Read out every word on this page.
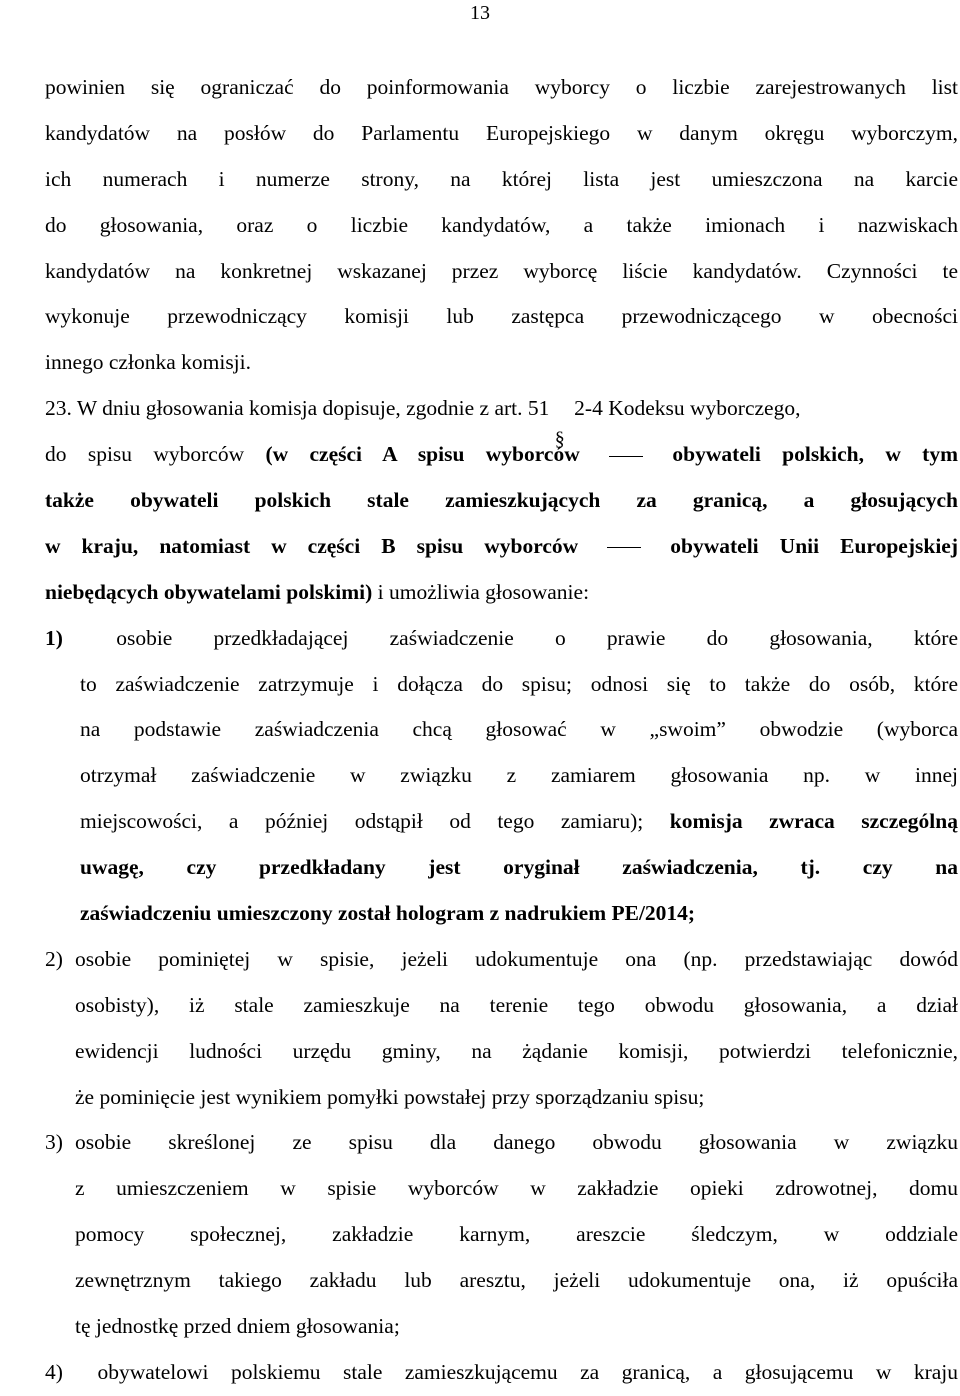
13
powinien się ograniczać do poinformowania wyborcy o liczbie zarejestrowanych list
kandydatów na posłów do Parlamentu Europejskiego w danym okręgu wyborczym,
ich numerach i numerze strony, na której lista jest umieszczona na karcie
do głosowania, oraz o liczbie kandydatów, a także imionach i nazwiskach
kandydatów na konkretnej wskazanej przez wyborcę liście kandydatów. Czynności te
wykonuje przewodniczący komisji lub zastępca przewodniczącego w obecności
innego członka komisji.
23. W dniu głosowania komisja dopisuje, zgodnie z art. 51 2-4 Kodeksu wyborczego,
do spisu wyborców (w części A spisu wyborców	obywateli polskich, w tym
także obywateli polskich stale zamieszkujących za granicą, a głosujących
w kraju, natomiast w części B spisu wyborców	obywateli Unii Europejskiej
niebędących obywatelami polskimi) i umożliwia głosowanie:
1) osobie przedkładającej zaświadczenie o prawie do głosowania, które
to zaświadczenie zatrzymuje i dołącza do spisu; odnosi się to także do osób, które
na podstawie zaświadczenia chcą głosować w „swoim” obwodzie (wyborca
otrzymał zaświadczenie w związku z zamiarem głosowania np. w innej
miejscowości, a później odstąpił od tego zamiaru); komisja zwraca szczególną
uwagę, czy przedkładany jest oryginał zaświadczenia, tj. czy na
zaświadczeniu umieszczony został hologram z nadrukiem PE/2014;
2) osobie pominiętej w spisie, jeżeli udokumentuje ona (np. przedstawiając dowód
osobisty), iż stale zamieszkuje na terenie tego obwodu głosowania, a dział
ewidencji ludności urzędu gminy, na żądanie komisji, potwierdzi telefonicznie,
że pominięcie jest wynikiem pomyłki powstałej przy sporządzaniu spisu;
3) osobie skreślonej ze spisu dla danego obwodu głosowania w związku
z umieszczeniem w spisie wyborców w zakładzie opieki zdrowotnej, domu
pomocy społecznej, zakładzie karnym, areszcie śledczym, w oddziale
zewnętrznym takiego zakładu lub aresztu, jeżeli udokumentuje ona, iż opuściła
tę jednostkę przed dniem głosowania;
4) obywatelowi polskiemu stale zamieszkującemu za granicą, a głosującemu w kraju
